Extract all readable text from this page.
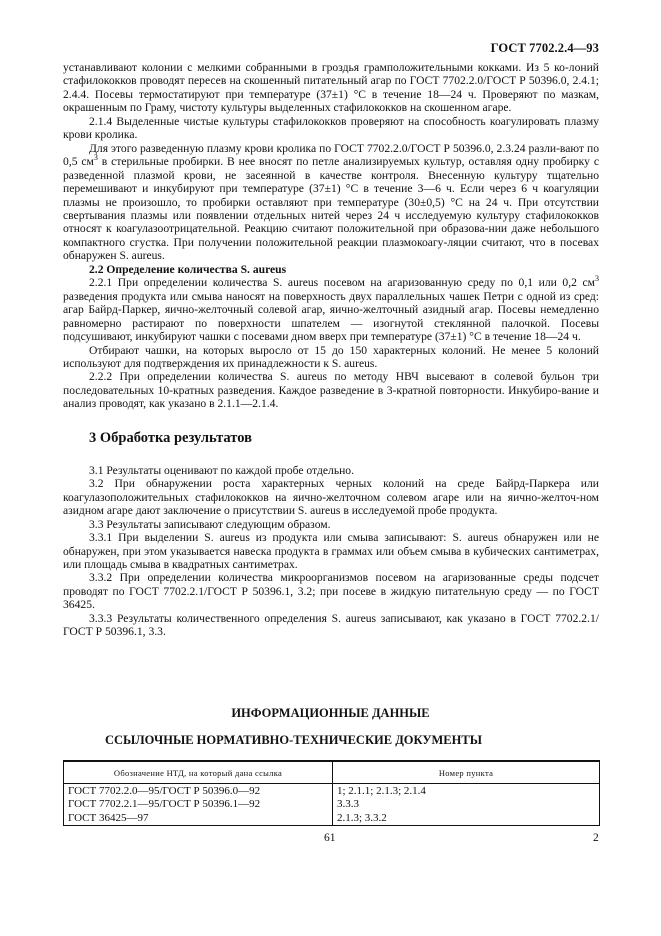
ГОСТ 7702.2.4—93

устанавливают колонии с мелкими собранными в гроздья грамположительными кокками. Из 5 ко-лоний стафилококков проводят пересев на скошенный питательный агар по ГОСТ 7702.2.0/ГОСТ Р 50396.0, 2.4.1; 2.4.4. Посевы термостатируют при температуре (37±1) °С в течение 18—24 ч. Проверяют по мазкам, окрашенным по Граму, чистоту культуры выделенных стафилококков на скошенном агаре.

2.1.4 Выделенные чистые культуры стафилококков проверяют на способность коагулировать плазму крови кролика.

Для этого разведенную плазму крови кролика по ГОСТ 7702.2.0/ГОСТ Р 50396.0, 2.3.24 разли-вают по 0,5 $см^3$ в стерильные пробирки. В нее вносят по петле анализируемых культур, оставляя одну пробирку с разведенной плазмой крови, не засеянной в качестве контроля. Внесенную культуру тщательно перемешивают и инкубируют при температуре (37±1) °С в течение 3—6 ч. Если через 6 ч коагуляции плазмы не произошло, то пробирки оставляют при температуре (30±0,5) °С на 24 ч. При отсутствии свертывания плазмы или появлении отдельных нитей через 24 ч исследуемую культуру стафилококков относят к коагулазоотрицательной. Реакцию считают положительной при образова-нии даже небольшого компактного сгустка. При получении положительной реакции плазмокоагу-ляции считают, что в посевах обнаружен S. aureus.

2.2 Определение количества S. aureus

2.2.1 При определении количества S. aureus посевом на агаризованную среду по 0,1 или 0,2 $см^3$ разведения продукта или смыва наносят на поверхность двух параллельных чашек Петри с одной из сред: агар Байрд-Паркер, яично-желточный солевой агар, яично-желточный азидный агар. Посевы немедленно равномерно растирают по поверхности шпателем — изогнутой стеклянной палочкой. Посевы подсушивают, инкубируют чашки с посевами дном вверх при температуре (37±1) °С в течение 18—24 ч.

Отбирают чашки, на которых выросло от 15 до 150 характерных колоний. Не менее 5 колоний используют для подтверждения их принадлежности к S. aureus.

2.2.2 При определении количества S. aureus по методу НВЧ высевают в солевой бульон три последовательных 10-кратных разведения. Каждое разведение в 3-кратной повторности. Инкубиро-вание и анализ проводят, как указано в 2.1.1—2.1.4.

3 Обработка результатов

3.1 Результаты оценивают по каждой пробе отдельно.

3.2 При обнаружении роста характерных черных колоний на среде Байрд-Паркера или коагулазоположительных стафилококков на яично-желточном солевом агаре или на яично-желточ-ном азидном агаре дают заключение о присутствии S. aureus в исследуемой пробе продукта.

3.3 Результаты записывают следующим образом.

3.3.1 При выделении S. aureus из продукта или смыва записывают: S. aureus обнаружен или не обнаружен, при этом указывается навеска продукта в граммах или объем смыва в кубических сантиметрах, или площадь смыва в квадратных сантиметрах.

3.3.2 При определении количества микроорганизмов посевом на агаризованные среды подсчет проводят по ГОСТ 7702.2.1/ГОСТ Р 50396.1, 3.2; при посеве в жидкую питательную среду — по ГОСТ 36425.

3.3.3 Результаты количественного определения S. aureus записывают, как указано в ГОСТ 7702.2.1/ГОСТ Р 50396.1, 3.3.

ИНФОРМАЦИОННЫЕ ДАННЫЕ
ССЫЛОЧНЫЕ НОРМАТИВНО-ТЕХНИЧЕСКИЕ ДОКУМЕНТЫ
Обозначение НТД, на который дана ссылка	Номер пункта
ГОСТ 7702.2.0—95/ГОСТ Р 50396.0—92	1; 2.1.1; 2.1.3; 2.1.4
ГОСТ 7702.2.1—95/ГОСТ Р 50396.1—92	3.3.3
ГОСТ 36425—97	2.1.3; 3.3.2
61	2
